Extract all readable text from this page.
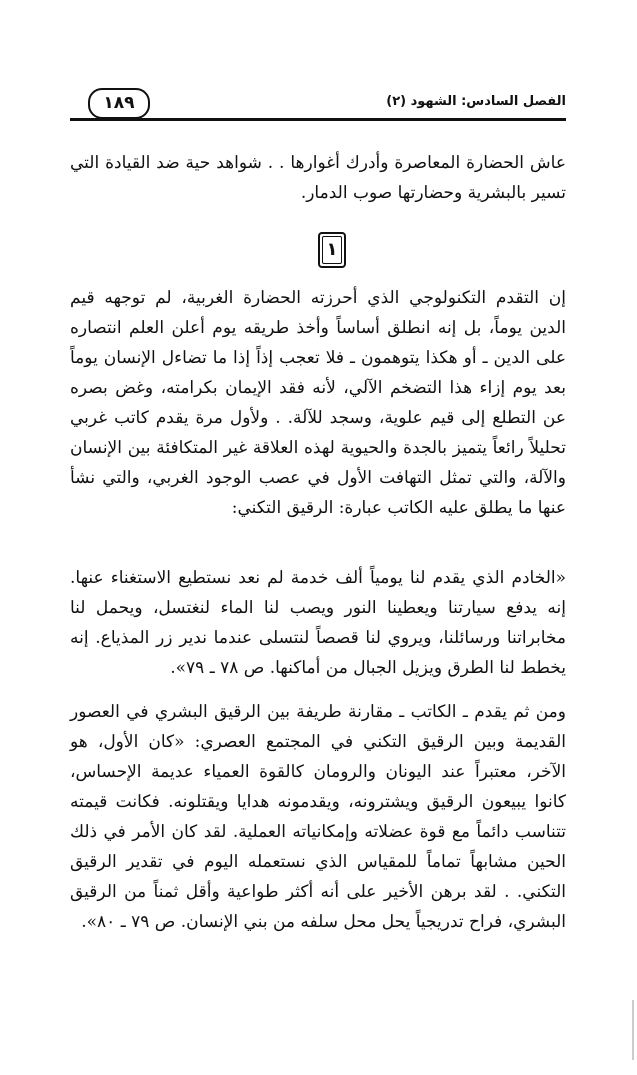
١٨٩	الفصل السادس: الشهود (٢)

عاش الحضارة المعاصرة وأدرك أغوارها . . شواهد حية ضد القيادة التي تسير بالبشرية وحضارتها صوب الدمار.

١

إن التقدم التكنولوجي الذي أحرزته الحضارة الغربية، لم توجهه قيم الدين يوماً، بل إنه انطلق أساساً وأخذ طريقه يوم أعلن العلم انتصاره على الدين ـ أو هكذا يتوهمون ـ فلا تعجب إذاً إذا ما تضاءل الإنسان يوماً بعد يوم إزاء هذا التضخم الآلي، لأنه فقد الإيمان بكرامته، وغض بصره عن التطلع إلى قيم علوية، وسجد للآلة. . ولأول مرة يقدم كاتب غربي تحليلاً رائعاً يتميز بالجدة والحيوية لهذه العلاقة غير المتكافئة بين الإنسان والآلة، والتي تمثل التهافت الأول في عصب الوجود الغربي، والتي نشأ عنها ما يطلق عليه الكاتب عبارة: الرقيق التكني:

«الخادم الذي يقدم لنا يومياً ألف خدمة لم نعد نستطيع الاستغناء عنها. إنه يدفع سيارتنا ويعطينا النور ويصب لنا الماء لنغتسل، ويحمل لنا مخابراتنا ورسائلنا، ويروي لنا قصصاً لنتسلى عندما ندير زر المذياع. إنه يخطط لنا الطرق ويزيل الجبال من أماكنها. ص ٧٨ ـ ٧٩».

ومن ثم يقدم ـ الكاتب ـ مقارنة طريفة بين الرقيق البشري في العصور القديمة وبين الرقيق التكني في المجتمع العصري: «كان الأول، هو الآخر، معتبراً عند اليونان والرومان كالقوة العمياء عديمة الإحساس، كانوا يبيعون الرقيق ويشترونه، ويقدمونه هدايا ويقتلونه. فكانت قيمته تتناسب دائماً مع قوة عضلاته وإمكانياته العملية. لقد كان الأمر في ذلك الحين مشابهاً تماماً للمقياس الذي نستعمله اليوم في تقدير الرقيق التكني. . لقد برهن الأخير على أنه أكثر طواعية وأقل ثمناً من الرقيق البشري، فراح تدريجياً يحل محل سلفه من بني الإنسان. ص ٧٩ ـ ٨٠».
